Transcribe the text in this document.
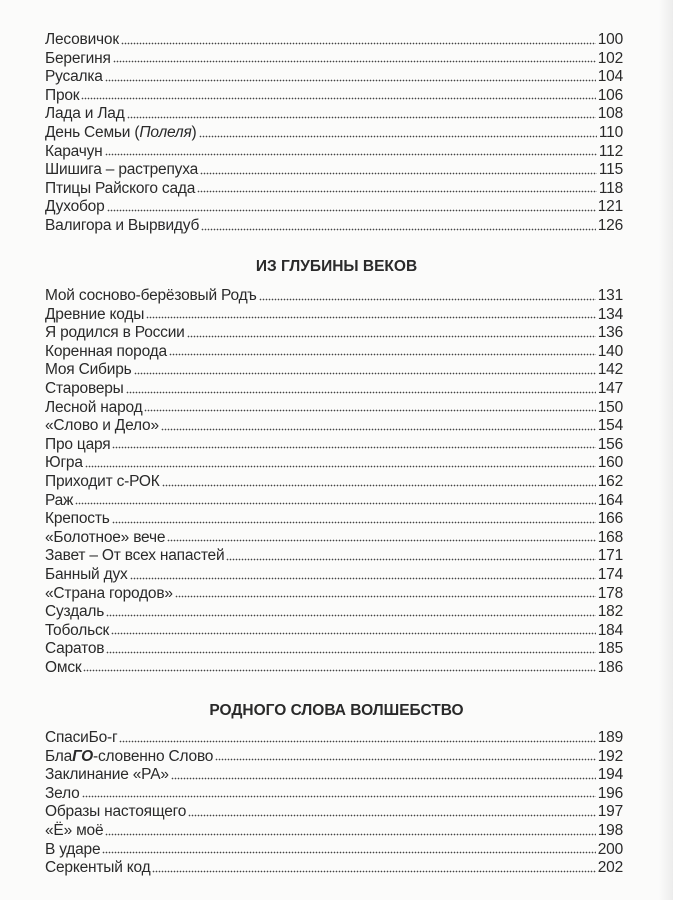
Лесовичок	100
Берегиня	102
Русалка	104
Прок	106
Лада и Лад	108
День Семьи (Полеля)	110
Карачун	112
Шишига – растрепуха	115
Птицы Райского сада	118
Духобор	121
Валигора и Вырвидуб	126
ИЗ ГЛУБИНЫ ВЕКОВ
Мой сосново-берёзовый Родъ	131
Древние коды	134
Я родился в России	136
Коренная порода	140
Моя Сибирь	142
Староверы	147
Лесной народ	150
«Слово и Дело»	154
Про царя	156
Югра	160
Приходит с-РОК	162
Раж	164
Крепость	166
«Болотное» вече	168
Завет – От всех напастей	171
Банный дух	174
«Страна городов»	178
Суздаль	182
Тобольск	184
Саратов	185
Омск	186
РОДНОГО СЛОВА ВОЛШЕБСТВО
СпасиБо-г	189
БлаГО-словенно Слово	192
Заклинание «РА»	194
Зело	196
Образы настоящего	197
«Ё» моё	198
В ударе	200
Серкентый код	202
